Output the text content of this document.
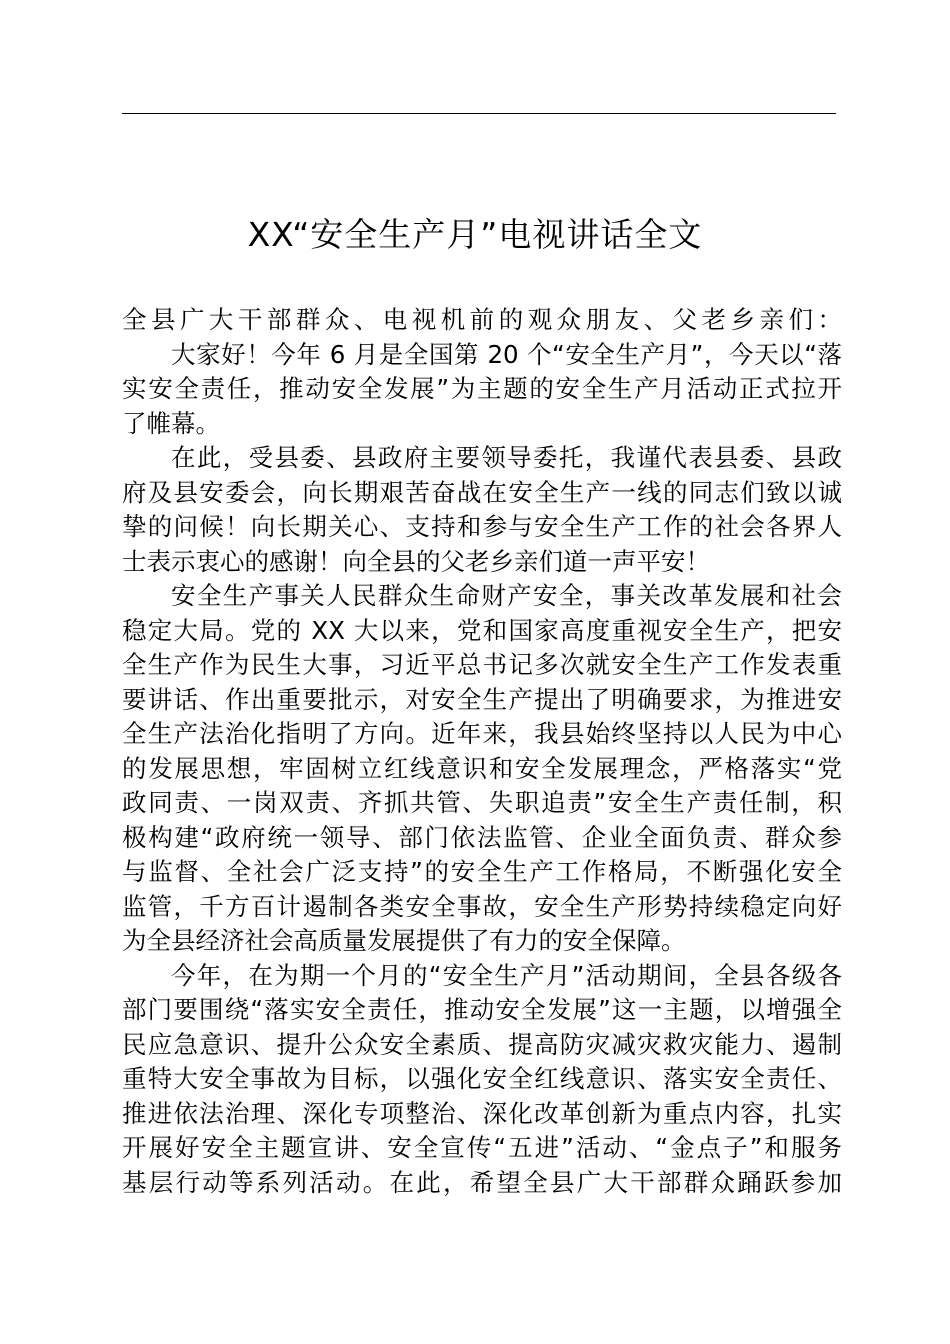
XX“安全生产月”电视讲话全文
全县广大干部群众、电视机前的观众朋友、父老乡亲们：
大家好！今年 6 月是全国第 20 个“安全生产月”，今天以“落
实安全责任，推动安全发展”为主题的安全生产月活动正式拉开
了帷幕。
在此，受县委、县政府主要领导委托，我谨代表县委、县政
府及县安委会，向长期艰苦奋战在安全生产一线的同志们致以诚
挚的问候！向长期关心、支持和参与安全生产工作的社会各界人
士表示衷心的感谢！向全县的父老乡亲们道一声平安！
安全生产事关人民群众生命财产安全，事关改革发展和社会
稳定大局。党的 XX 大以来，党和国家高度重视安全生产，把安
全生产作为民生大事，习近平总书记多次就安全生产工作发表重
要讲话、作出重要批示，对安全生产提出了明确要求，为推进安
全生产法治化指明了方向。近年来，我县始终坚持以人民为中心
的发展思想，牢固树立红线意识和安全发展理念，严格落实“党
政同责、一岗双责、齐抓共管、失职追责”安全生产责任制，积
极构建“政府统一领导、部门依法监管、企业全面负责、群众参
与监督、全社会广泛支持”的安全生产工作格局，不断强化安全
监管，千方百计遏制各类安全事故，安全生产形势持续稳定向好
为全县经济社会高质量发展提供了有力的安全保障。
今年，在为期一个月的“安全生产月”活动期间，全县各级各
部门要围绕“落实安全责任，推动安全发展”这一主题，以增强全
民应急意识、提升公众安全素质、提高防灾减灾救灾能力、遏制
重特大安全事故为目标，以强化安全红线意识、落实安全责任、
推进依法治理、深化专项整治、深化改革创新为重点内容，扎实
开展好安全主题宣讲、安全宣传“五进”活动、“金点子”和服务
基层行动等系列活动。在此，希望全县广大干部群众踊跃参加
